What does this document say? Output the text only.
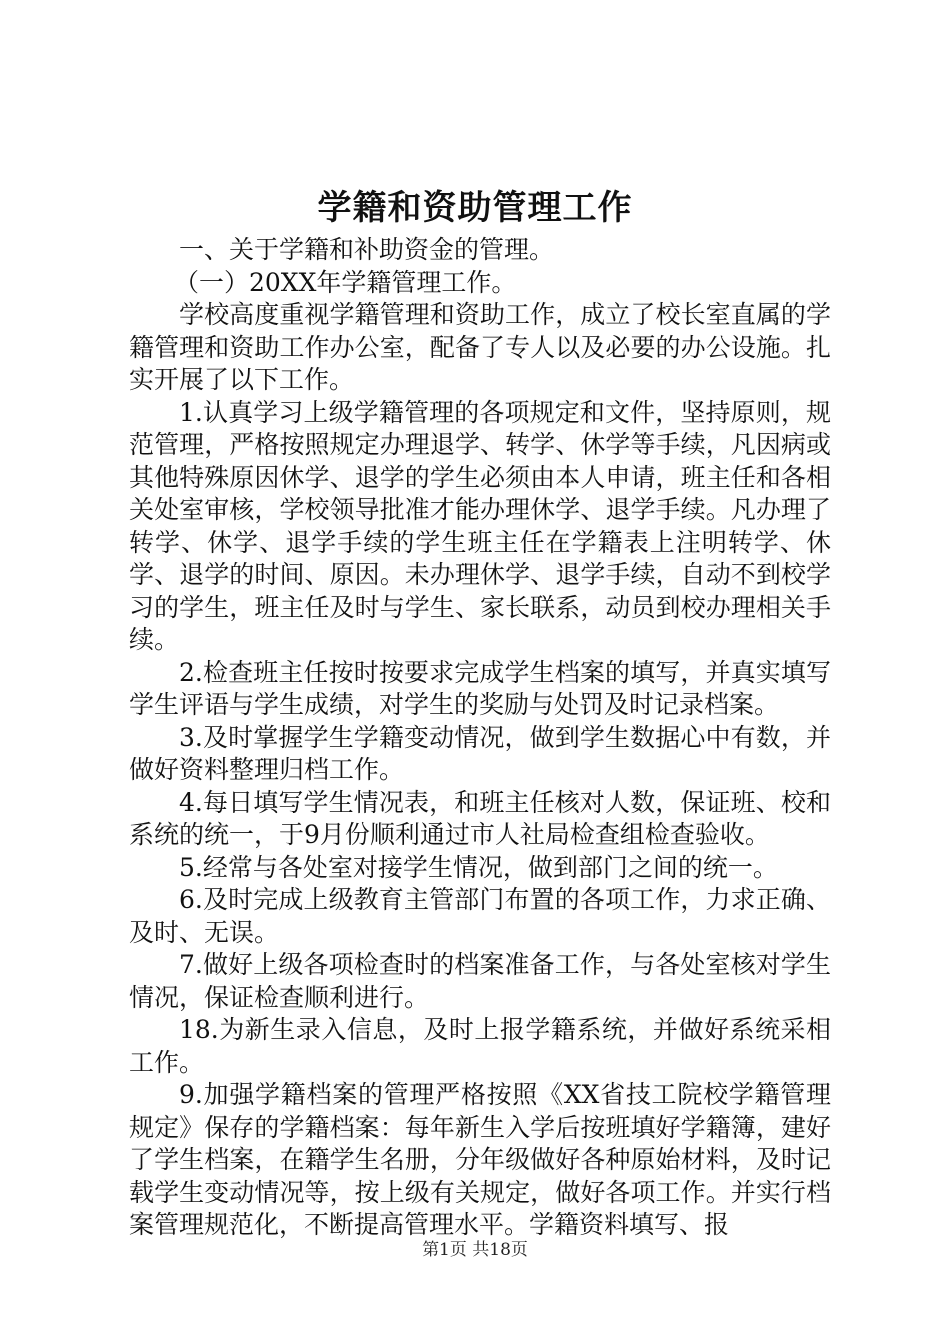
学籍和资助管理工作

一、关于学籍和补助资金的管理。

（一）20XX年学籍管理工作。

学校高度重视学籍管理和资助工作，成立了校长室直属的学籍管理和资助工作办公室，配备了专人以及必要的办公设施。扎实开展了以下工作。

1.认真学习上级学籍管理的各项规定和文件，坚持原则，规范管理，严格按照规定办理退学、转学、休学等手续，凡因病或其他特殊原因休学、退学的学生必须由本人申请，班主任和各相关处室审核，学校领导批准才能办理休学、退学手续。凡办理了转学、休学、退学手续的学生班主任在学籍表上注明转学、休学、退学的时间、原因。未办理休学、退学手续，自动不到校学习的学生，班主任及时与学生、家长联系，动员到校办理相关手续。

2.检查班主任按时按要求完成学生档案的填写，并真实填写学生评语与学生成绩，对学生的奖励与处罚及时记录档案。

3.及时掌握学生学籍变动情况，做到学生数据心中有数，并做好资料整理归档工作。

4.每日填写学生情况表，和班主任核对人数，保证班、校和系统的统一，于9月份顺利通过市人社局检查组检查验收。

5.经常与各处室对接学生情况，做到部门之间的统一。

6.及时完成上级教育主管部门布置的各项工作，力求正确、及时、无误。

7.做好上级各项检查时的档案准备工作，与各处室核对学生情况，保证检查顺利进行。

18.为新生录入信息，及时上报学籍系统，并做好系统采相工作。

9.加强学籍档案的管理严格按照《XX省技工院校学籍管理规定》保存的学籍档案：每年新生入学后按班填好学籍簿，建好了学生档案，在籍学生名册，分年级做好各种原始材料，及时记载学生变动情况等，按上级有关规定，做好各项工作。并实行档案管理规范化，不断提高管理水平。学籍资料填写、报

第1页 共18页
